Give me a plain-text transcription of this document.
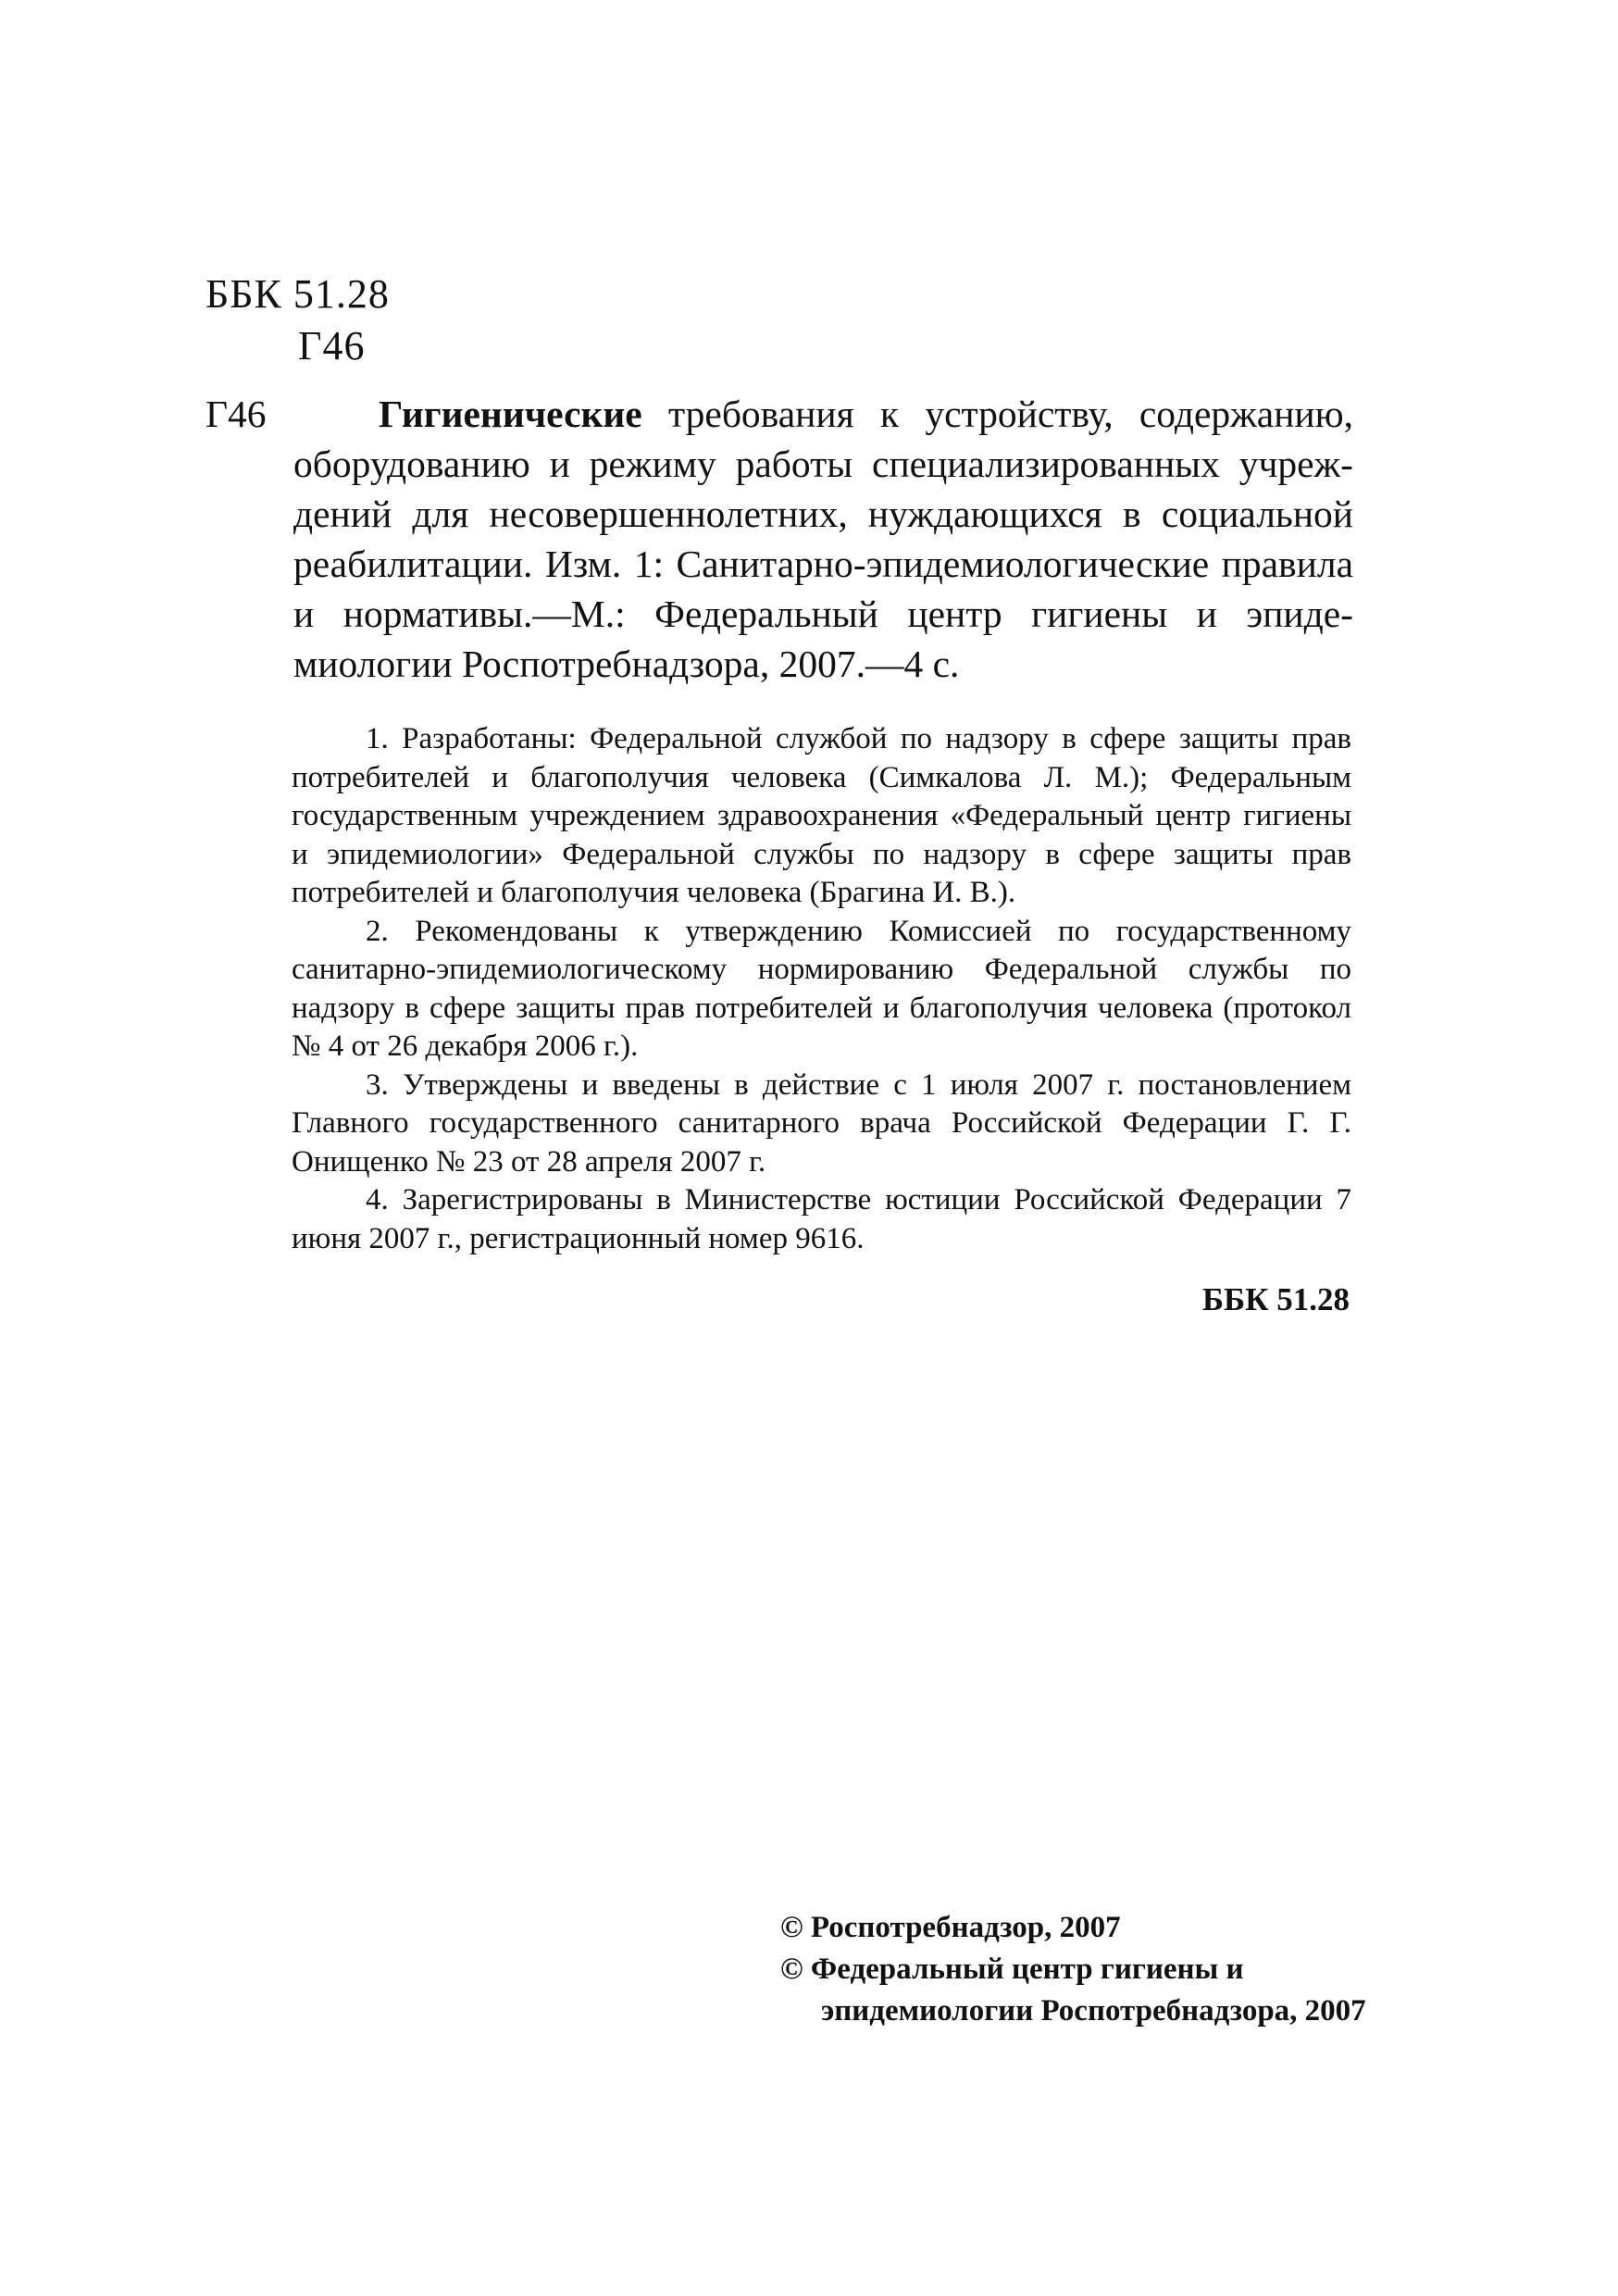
ББК 51.28
Г46
Г46	Гигиенические требования к устройству, содержанию, оборудованию и режиму работы специализированных учреждений для несовершеннолетних, нуждающихся в социальной реабилитации. Изм. 1: Санитарно-эпидемиологические правила и нормативы.—М.: Федеральный центр гигиены и эпидемиологии Роспотребнадзора, 2007.—4 с.

1. Разработаны: Федеральной службой по надзору в сфере защиты прав потребителей и благополучия человека (Симкалова Л. М.); Федеральным государственным учреждением здравоохранения «Федеральный центр гигиены и эпидемиологии» Федеральной службы по надзору в сфере защиты прав потребителей и благополучия человека (Брагина И. В.).

2. Рекомендованы к утверждению Комиссией по государственному санитарно-эпидемиологическому нормированию Федеральной службы по надзору в сфере защиты прав потребителей и благополучия человека (протокол № 4 от 26 декабря 2006 г.).

3. Утверждены и введены в действие с 1 июля 2007 г. постановлением Главного государственного санитарного врача Российской Федерации Г. Г. Онищенко № 23 от 28 апреля 2007 г.

4. Зарегистрированы в Министерстве юстиции Российской Федерации 7 июня 2007 г., регистрационный номер 9616.

ББК 51.28
© Роспотребнадзор, 2007
© Федеральный центр гигиены и
эпидемиологии Роспотребнадзора, 2007
